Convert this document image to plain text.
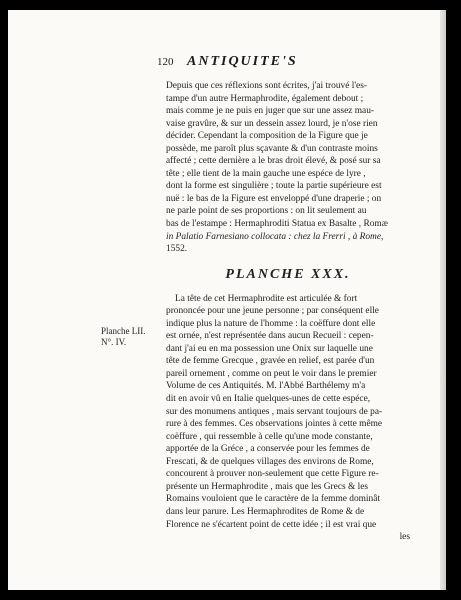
120 ANTIQUITE'S
Planche LII.
N°. IV.
Depuis que ces réflexions sont écrites, j'ai trouvé l'es-
tampe d'un autre Hermaphrodite, également debout ;
mais comme je ne puis en juger que sur une assez mau-
vaise gravûre, & sur un dessein assez lourd, je n'ose rien
décider. Cependant la composition de la Figure que je
possède, me paroît plus sçavante & d'un contraste moins
affecté ; cette dernière a le bras droit élevé, & posé sur sa
tête ; elle tient de la main gauche une espéce de lyre ,
dont la forme est singulière ; toute la partie supérieure est
nuë : le bas de la Figure est enveloppé d'une draperie ; on
ne parle point de ses proportions : on lit seulement au
bas de l'estampe : Hermaphroditi Statua ex Basalte , Romæ
in Palatio Farnesiano collocata : chez la Frerri , à Rome,
1552.
PLANCHE XXX.
La tête de cet Hermaphrodite est articulée & fort
prononcée pour une jeune personne ; par conséquent elle
indique plus la nature de l'homme : la coëffure dont elle
est ornée, n'est représentée dans aucun Recueil : cepen-
dant j'ai eu en ma possession une Onix sur laquelle une
tête de femme Grecque , gravée en relief, est parée d'un
pareil ornement , comme on peut le voir dans le premier
Volume de ces Antiquités. M. l'Abbé Barthélemy m'a
dit en avoir vû en Italie quelques-unes de cette espéce,
sur des monumens antiques , mais servant toujours de pa-
rure à des femmes. Ces observations jointes à cette même
coëffure , qui ressemble à celle qu'une mode constante,
apportée de la Gréce , a conservée pour les femmes de
Frescati, & de quelques villages des environs de Rome,
concourent à prouver non-seulement que cette Figure re-
présente un Hermaphrodite , mais que les Grecs & les
Romains vouloient que le caractère de la femme dominât
dans leur parure. Les Hermaphrodites de Rome & de
Florence ne s'écartent point de cette idée ; il est vrai que
les
